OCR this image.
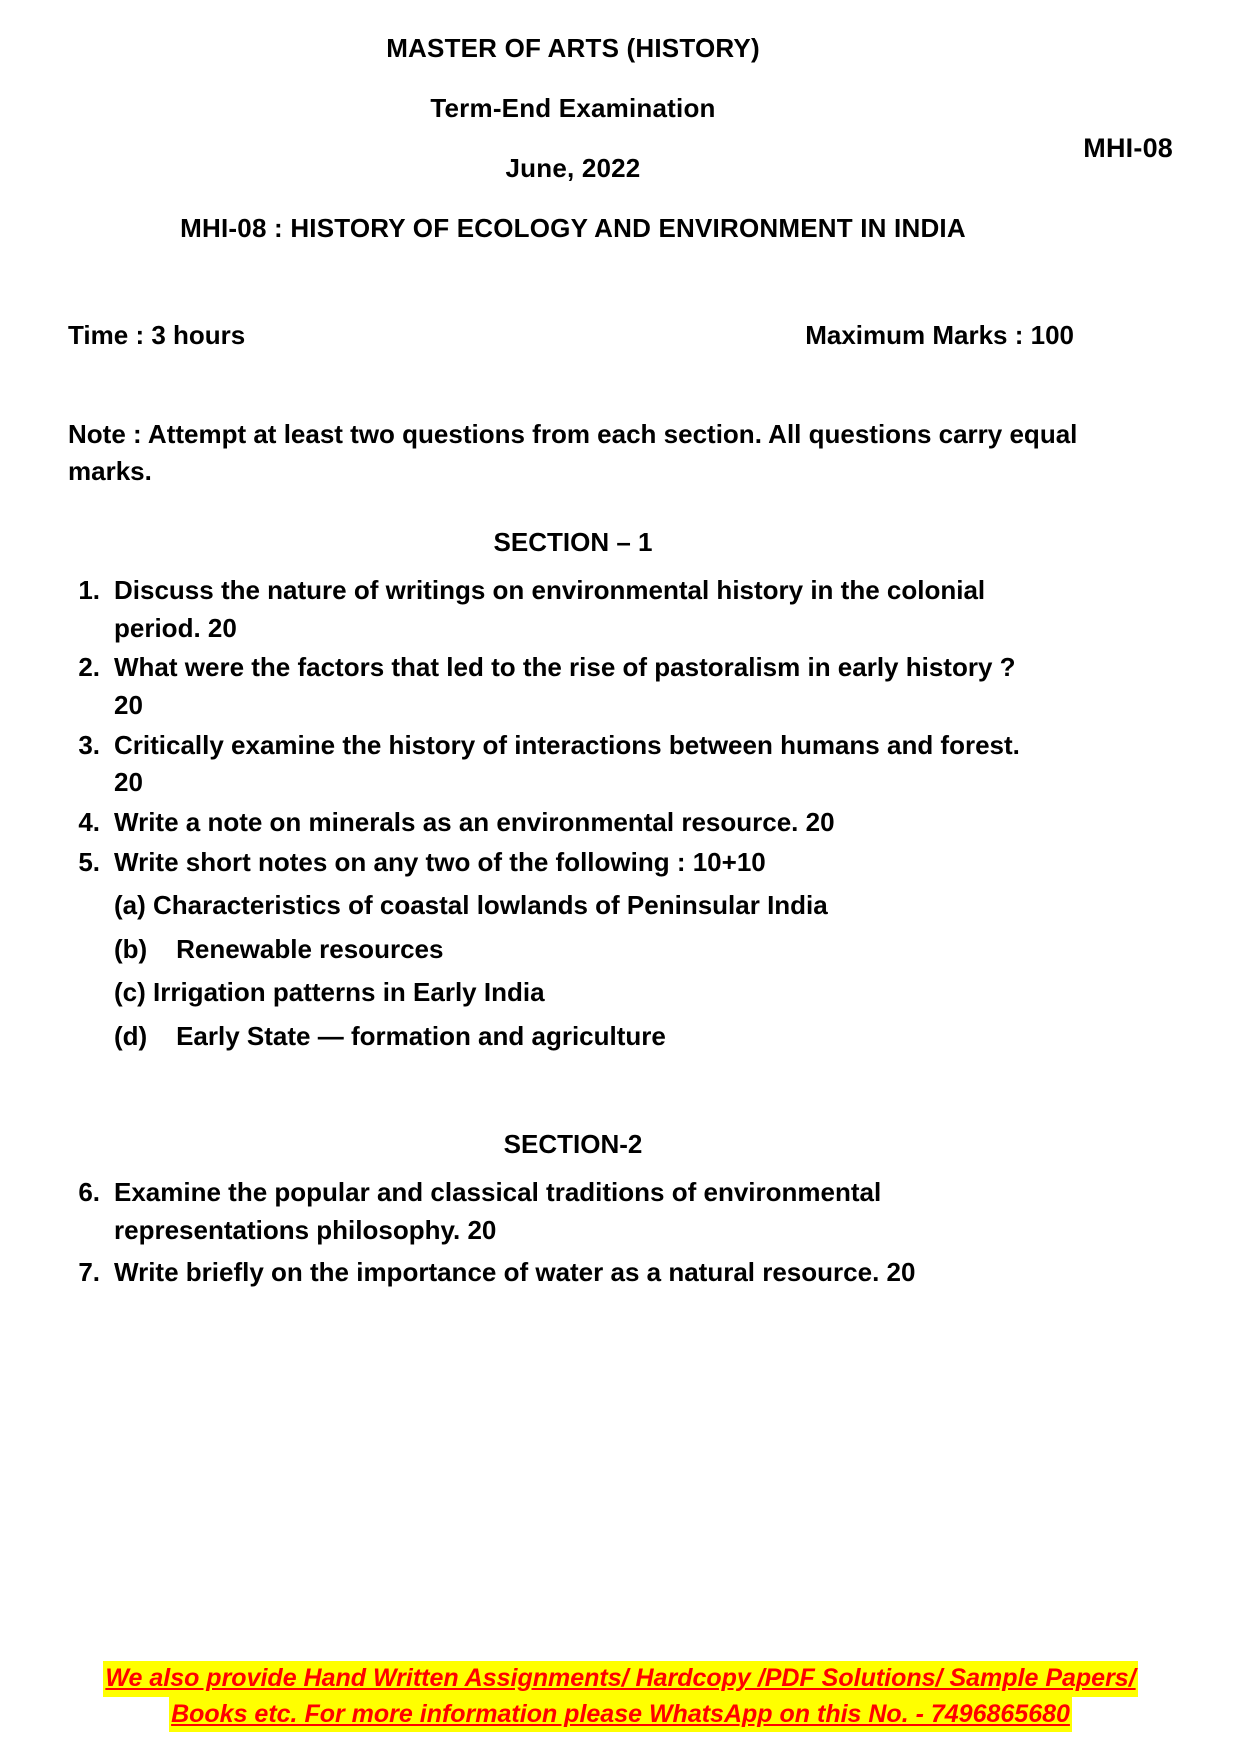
MHI-08
MASTER OF ARTS (HISTORY)
Term-End Examination
June, 2022
MHI-08 : HISTORY OF ECOLOGY AND ENVIRONMENT IN INDIA
Time : 3 hours	Maximum Marks : 100
Note : Attempt at least two questions from each section. All questions carry equal marks.
SECTION – 1
1. Discuss the nature of writings on environmental history in the colonial period. 20
2. What were the factors that led to the rise of pastoralism in early history ? 20
3. Critically examine the history of interactions between humans and forest. 20
4. Write a note on minerals as an environmental resource. 20
5. Write short notes on any two of the following : 10+10
(a) Characteristics of coastal lowlands of Peninsular India
(b) Renewable resources
(c) Irrigation patterns in Early India
(d) Early State — formation and agriculture
SECTION-2
6. Examine the popular and classical traditions of environmental representations philosophy. 20
7. Write briefly on the importance of water as a natural resource. 20
We also provide Hand Written Assignments/ Hardcopy /PDF Solutions/ Sample Papers/
Books etc. For more information please WhatsApp on this No. - 7496865680
